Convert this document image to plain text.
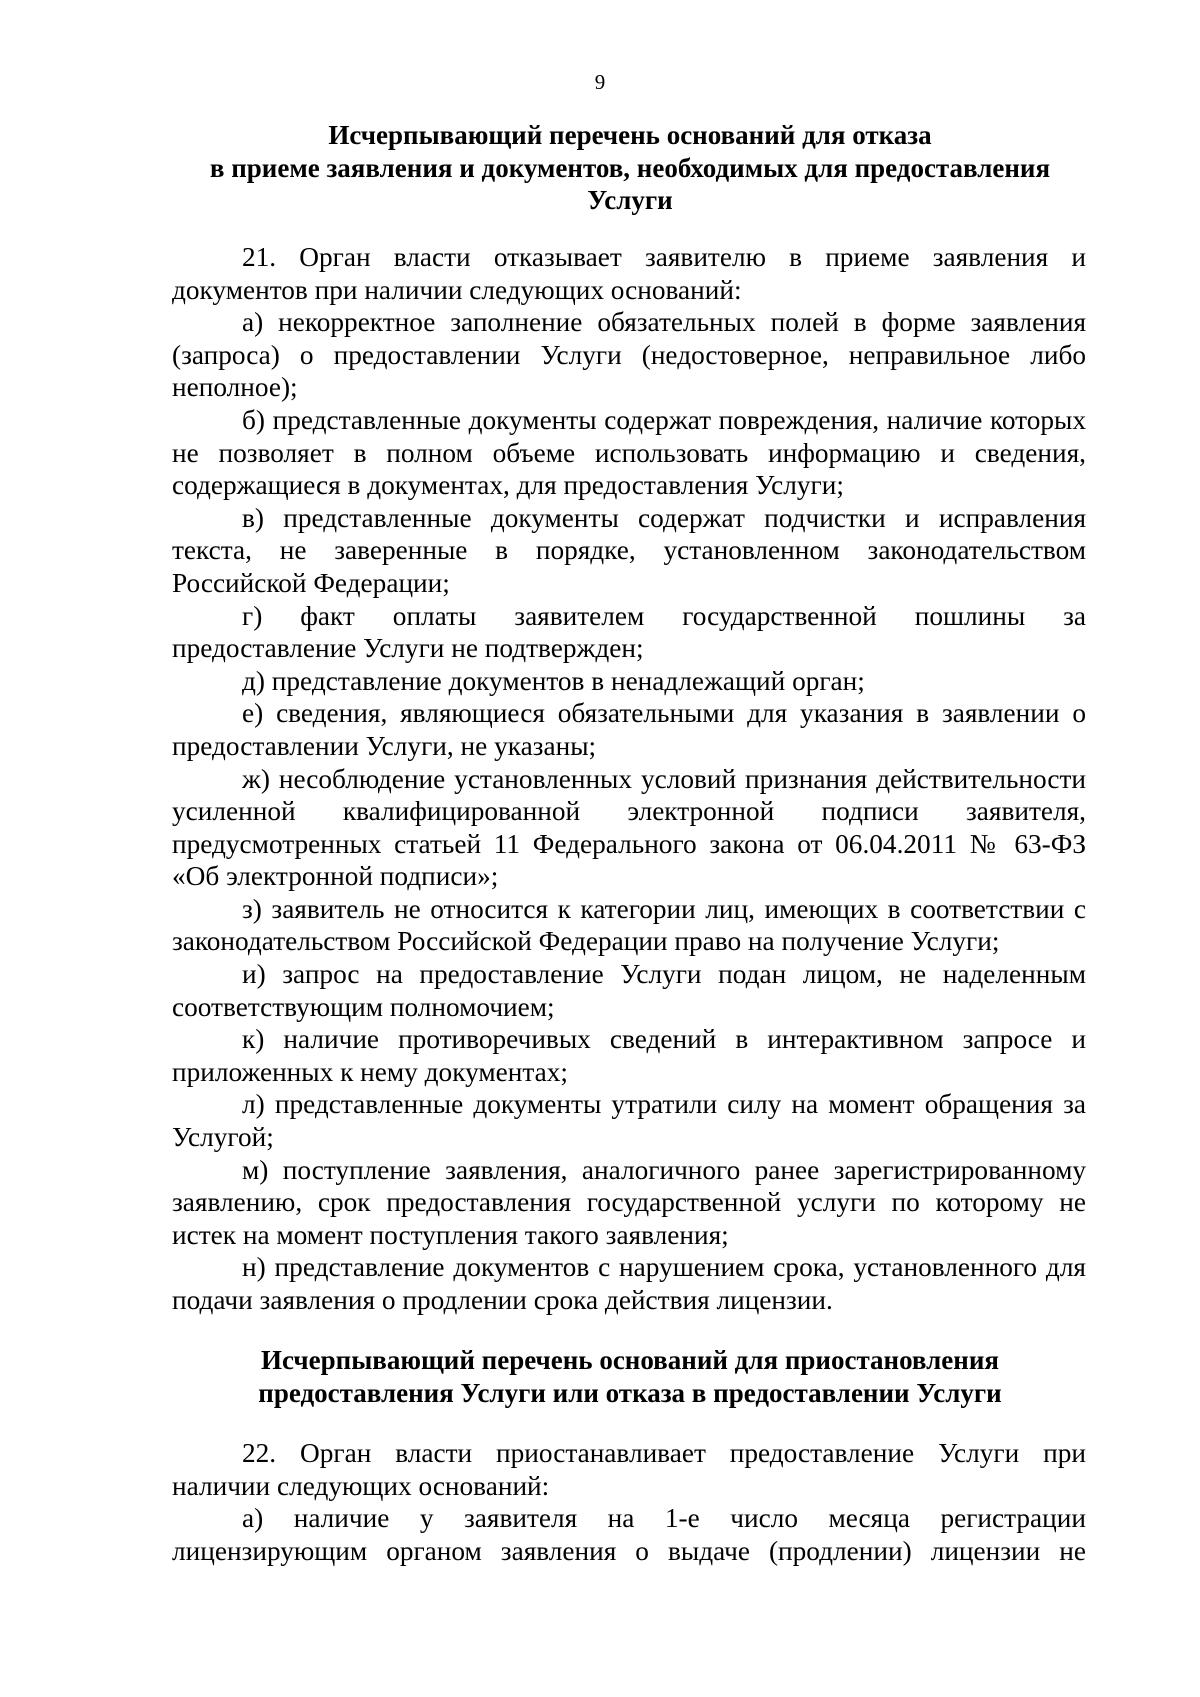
9
Исчерпывающий перечень оснований для отказа
в приеме заявления и документов, необходимых для предоставления
Услуги

21. Орган власти отказывает заявителю в приеме заявления и документов при наличии следующих оснований:

а) некорректное заполнение обязательных полей в форме заявления (запроса) о предоставлении Услуги (недостоверное, неправильное либо неполное);

б) представленные документы содержат повреждения, наличие которых не позволяет в полном объеме использовать информацию и сведения, содержащиеся в документах, для предоставления Услуги;

в) представленные документы содержат подчистки и исправления текста, не заверенные в порядке, установленном законодательством Российской Федерации;

г) факт оплаты заявителем государственной пошлины за предоставление Услуги не подтвержден;

д) представление документов в ненадлежащий орган;

е) сведения, являющиеся обязательными для указания в заявлении о предоставлении Услуги, не указаны;

ж) несоблюдение установленных условий признания действительности усиленной квалифицированной электронной подписи заявителя, предусмотренных статьей 11 Федерального закона от 06.04.2011 № 63-ФЗ «Об электронной подписи»;

з) заявитель не относится к категории лиц, имеющих в соответствии с законодательством Российской Федерации право на получение Услуги;

и) запрос на предоставление Услуги подан лицом, не наделенным соответствующим полномочием;

к) наличие противоречивых сведений в интерактивном запросе и приложенных к нему документах;

л) представленные документы утратили силу на момент обращения за Услугой;

м) поступление заявления, аналогичного ранее зарегистрированному заявлению, срок предоставления государственной услуги по которому не истек на момент поступления такого заявления;

н) представление документов с нарушением срока, установленного для подачи заявления о продлении срока действия лицензии.

Исчерпывающий перечень оснований для приостановления
предоставления Услуги или отказа в предоставлении Услуги

22. Орган власти приостанавливает предоставление Услуги при наличии следующих оснований:

а) наличие у заявителя на 1-е число месяца регистрации лицензирующим органом заявления о выдаче (продлении) лицензии не
